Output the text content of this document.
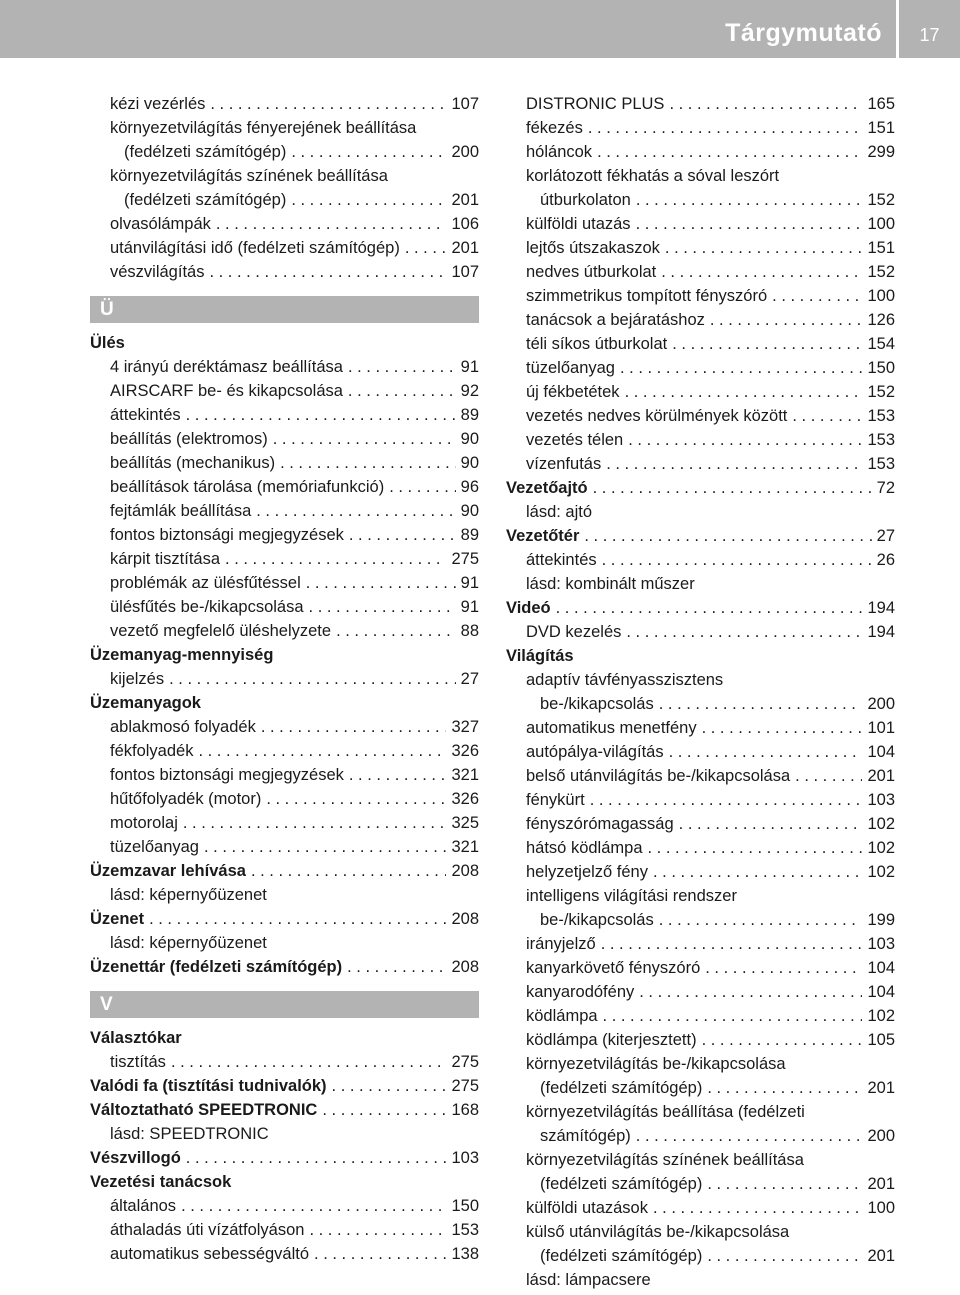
Tárgymutató	17
kézi vezérlés . . .	107
környezetvilágítás fényerejének beállítása
(fedélzeti számítógép) . . .	200
környezetvilágítás színének beállítása
(fedélzeti számítógép) . . .	201
olvasólámpák . . .	106
utánvilágítási idő (fedélzeti számítógép) . . .	201
vészvilágítás . . .	107
Ü
Ülés
4 irányú deréktámasz beállítása . . .	91
AIRSCARF be- és kikapcsolása . . .	92
áttekintés . . .	89
beállítás (elektromos) . . .	90
beállítás (mechanikus) . . .	90
beállítások tárolása (memóriafunkció) . . .	96
fejtámlák beállítása . . .	90
fontos biztonsági megjegyzések . . .	89
kárpit tisztítása . . .	275
problémák az ülésfűtéssel . . .	91
ülésfűtés be-/kikapcsolása . . .	91
vezető megfelelő üléshelyzete . . .	88
Üzemanyag-mennyiség
kijelzés . . .	27
Üzemanyagok
ablakmosó folyadék . . .	327
fékfolyadék . . .	326
fontos biztonsági megjegyzések . . .	321
hűtőfolyadék (motor) . . .	326
motorolaj . . .	325
tüzelőanyag . . .	321
Üzemzavar lehívása . . .	208
lásd: képernyőüzenet
Üzenet . . .	208
lásd: képernyőüzenet
Üzenettár (fedélzeti számítógép) . . .	208
V
Választókar
tisztítás . . .	275
Valódi fa (tisztítási tudnivalók) . . .	275
Változtatható SPEEDTRONIC . . .	168
lásd: SPEEDTRONIC
Vészvillogó . . .	103
Vezetési tanácsok
általános . . .	150
áthaladás úti vízátfolyáson . . .	153
automatikus sebességváltó . . .	138
DISTRONIC PLUS . . .	165
fékezés . . .	151
hóláncok . . .	299
korlátozott fékhatás a sóval leszórt
útburkolaton . . .	152
külföldi utazás . . .	100
lejtős útszakaszok . . .	151
nedves útburkolat . . .	152
szimmetrikus tompított fényszóró . . .	100
tanácsok a bejáratáshoz . . .	126
téli síkos útburkolat . . .	154
tüzelőanyag . . .	150
új fékbetétek . . .	152
vezetés nedves körülmények között . . .	153
vezetés télen . . .	153
vízenfutás . . .	153
Vezetőajtó . . .	72
lásd: ajtó
Vezetőtér . . .	27
áttekintés . . .	26
lásd: kombinált műszer
Videó . . .	194
DVD kezelés . . .	194
Világítás
adaptív távfényasszisztens
be-/kikapcsolás . . .	200
automatikus menetfény . . .	101
autópálya-világítás . . .	104
belső utánvilágítás be-/kikapcsolása . . .	201
fénykürt . . .	103
fényszórómagasság . . .	102
hátsó ködlámpa . . .	102
helyzetjelző fény . . .	102
intelligens világítási rendszer
be-/kikapcsolás . . .	199
irányjelző . . .	103
kanyarkövető fényszóró . . .	104
kanyarodófény . . .	104
ködlámpa . . .	102
ködlámpa (kiterjesztett) . . .	105
környezetvilágítás be-/kikapcsolása
(fedélzeti számítógép) . . .	201
környezetvilágítás beállítása (fedélzeti
számítógép) . . .	200
környezetvilágítás színének beállítása
(fedélzeti számítógép) . . .	201
külföldi utazások . . .	100
külső utánvilágítás be-/kikapcsolása
(fedélzeti számítógép) . . .	201
lásd: lámpacsere
